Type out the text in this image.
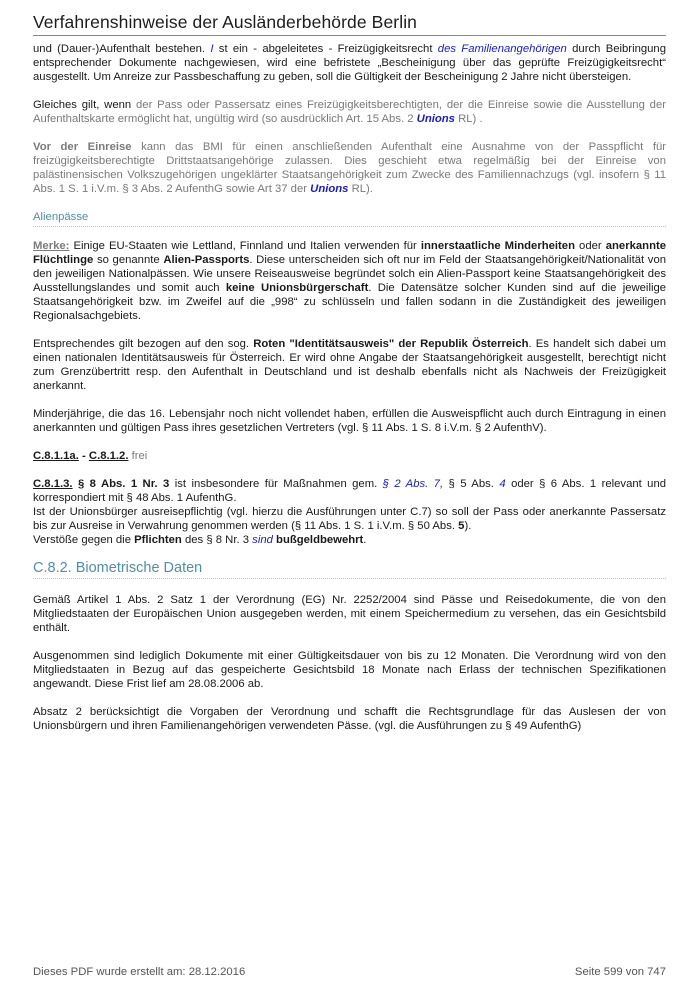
Verfahrenshinweise der Ausländerbehörde Berlin

und (Dauer-)Aufenthalt bestehen. I st ein - abgeleitetes - Freizügigkeitsrecht des Familienangehörigen durch Beibringung entsprechender Dokumente nachgewiesen, wird eine befristete „Bescheinigung über das geprüfte Freizügigkeitsrecht“ ausgestellt. Um Anreize zur Passbeschaffung zu geben, soll die Gültigkeit der Bescheinigung 2 Jahre nicht übersteigen.

Gleiches gilt, wenn der Pass oder Passersatz eines Freizügigkeitsberechtigten, der die Einreise sowie die Ausstellung der Aufenthaltskarte ermöglicht hat, ungültig wird (so ausdrücklich Art. 15 Abs. 2 Unions RL) .

Vor der Einreise kann das BMI für einen anschließenden Aufenthalt eine Ausnahme von der Passpflicht für freizügigkeitsberechtigte Drittstaatsangehörige zulassen. Dies geschieht etwa regelmäßig bei der Einreise von palästinensischen Volkszugehörigen ungeklärter Staatsangehörigkeit zum Zwecke des Familiennachzugs (vgl. insofern § 11 Abs. 1 S. 1 i.V.m. § 3 Abs. 2 AufenthG sowie Art 37 der Unions RL).

Alienpässe

Merke: Einige EU-Staaten wie Lettland, Finnland und Italien verwenden für innerstaatliche Minderheiten oder anerkannte Flüchtlinge so genannte Alien-Passports. Diese unterscheiden sich oft nur im Feld der Staatsangehörigkeit/Nationalität von den jeweiligen Nationalpässen. Wie unsere Reiseausweise begründet solch ein Alien-Passport keine Staatsangehörigkeit des Ausstellungslandes und somit auch keine Unionsbürgerschaft. Die Datensätze solcher Kunden sind auf die jeweilige Staatsangehörigkeit bzw. im Zweifel auf die „998“ zu schlüsseln und fallen sodann in die Zuständigkeit des jeweiligen Regionalsachgebiets.

Entsprechendes gilt bezogen auf den sog. Roten "Identitätsausweis" der Republik Österreich. Es handelt sich dabei um einen nationalen Identitätsausweis für Österreich. Er wird ohne Angabe der Staatsangehörigkeit ausgestellt, berechtigt nicht zum Grenzübertritt resp. den Aufenthalt in Deutschland und ist deshalb ebenfalls nicht als Nachweis der Freizügigkeit anerkannt.

Minderjährige, die das 16. Lebensjahr noch nicht vollendet haben, erfüllen die Ausweispflicht auch durch Eintragung in einen anerkannten und gültigen Pass ihres gesetzlichen Vertreters (vgl. § 11 Abs. 1 S. 8 i.V.m. § 2 AufenthV).

C.8.1.1a. - C.8.1.2. frei

C.8.1.3. § 8 Abs. 1 Nr. 3 ist insbesondere für Maßnahmen gem. § 2 Abs. 7, § 5 Abs. 4 oder § 6 Abs. 1 relevant und korrespondiert mit § 48 Abs. 1 AufenthG.
Ist der Unionsbürger ausreisepflichtig (vgl. hierzu die Ausführungen unter C.7) so soll der Pass oder anerkannte Passersatz bis zur Ausreise in Verwahrung genommen werden (§ 11 Abs. 1 S. 1 i.V.m. § 50 Abs. 5).
Verstöße gegen die Pflichten des § 8 Nr. 3 sind bußgeldbewehrt.

C.8.2. Biometrische Daten

Gemäß Artikel 1 Abs. 2 Satz 1 der Verordnung (EG) Nr. 2252/2004 sind Pässe und Reisedokumente, die von den Mitgliedstaaten der Europäischen Union ausgegeben werden, mit einem Speichermedium zu versehen, das ein Gesichtsbild enthält.

Ausgenommen sind lediglich Dokumente mit einer Gültigkeitsdauer von bis zu 12 Monaten. Die Verordnung wird von den Mitgliedstaaten in Bezug auf das gespeicherte Gesichtsbild 18 Monate nach Erlass der technischen Spezifikationen angewandt. Diese Frist lief am 28.08.2006 ab.

Absatz 2 berücksichtigt die Vorgaben der Verordnung und schafft die Rechtsgrundlage für das Auslesen der von Unionsbürgern und ihren Familienangehörigen verwendeten Pässe. (vgl. die Ausführungen zu § 49 AufenthG)

Dieses PDF wurde erstellt am: 28.12.2016	Seite 599 von 747
